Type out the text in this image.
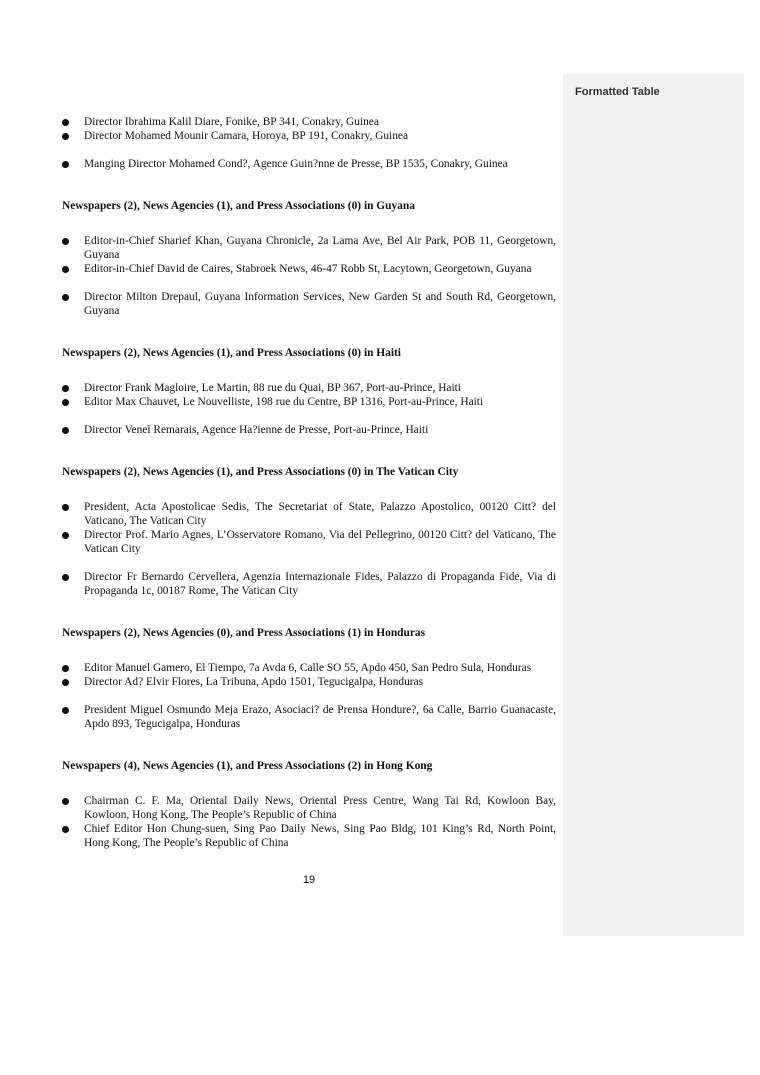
Formatted Table
Director Ibrahima Kalil Diare, Fonike, BP 341, Conakry, Guinea
Director Mohamed Mounir Camara, Horoya, BP 191, Conakry, Guinea
Manging Director Mohamed Cond?, Agence Guin?nne de Presse, BP 1535, Conakry, Guinea

Newspapers (2), News Agencies (1), and Press Associations (0) in Guyana

Editor-in-Chief Sharief Khan, Guyana Chronicle, 2a Lama Ave, Bel Air Park, POB 11, Georgetown, Guyana
Editor-in-Chief David de Caires, Stabroek News, 46-47 Robb St, Lacytown, Georgetown, Guyana
Director Milton Drepaul, Guyana Information Services, New Garden St and South Rd, Georgetown, Guyana

Newspapers (2), News Agencies (1), and Press Associations (0) in Haiti

Director Frank Magloire, Le Martin, 88 rue du Quai, BP 367, Port-au-Prince, Haiti
Editor Max Chauvet, Le Nouvelliste, 198 rue du Centre, BP 1316, Port-au-Prince, Haiti
Director Venel Remarais, Agence Ha?ienne de Presse, Port-au-Prince, Haiti

Newspapers (2), News Agencies (1), and Press Associations (0) in The Vatican City

President, Acta Apostolicae Sedis, The Secretariat of State, Palazzo Apostolico, 00120 Citt? del Vaticano, The Vatican City
Director Prof. Mario Agnes, L’Osservatore Romano, Via del Pellegrino, 00120 Citt? del Vaticano, The Vatican City
Director Fr Bernardo Cervellera, Agenzia Internazionale Fides, Palazzo di Propaganda Fide, Via di Propaganda 1c, 00187 Rome, The Vatican City

Newspapers (2), News Agencies (0), and Press Associations (1) in Honduras

Editor Manuel Gamero, El Tiempo, 7a Avda 6, Calle SO 55, Apdo 450, San Pedro Sula, Honduras
Director Ad? Elvir Flores, La Tribuna, Apdo 1501, Tegucigalpa, Honduras
President Miguel Osmundo Meja Erazo, Asociaci? de Prensa Hondure?, 6a Calle, Barrio Guanacaste, Apdo 893, Tegucigalpa, Honduras

Newspapers (4), News Agencies (1), and Press Associations (2) in Hong Kong

Chairman C. F. Ma, Oriental Daily News, Oriental Press Centre, Wang Tai Rd, Kowloon Bay, Kowloon, Hong Kong, The People’s Republic of China
Chief Editor Hon Chung-suen, Sing Pao Daily News, Sing Pao Bldg, 101 King’s Rd, North Point, Hong Kong, The People’s Republic of China
19
